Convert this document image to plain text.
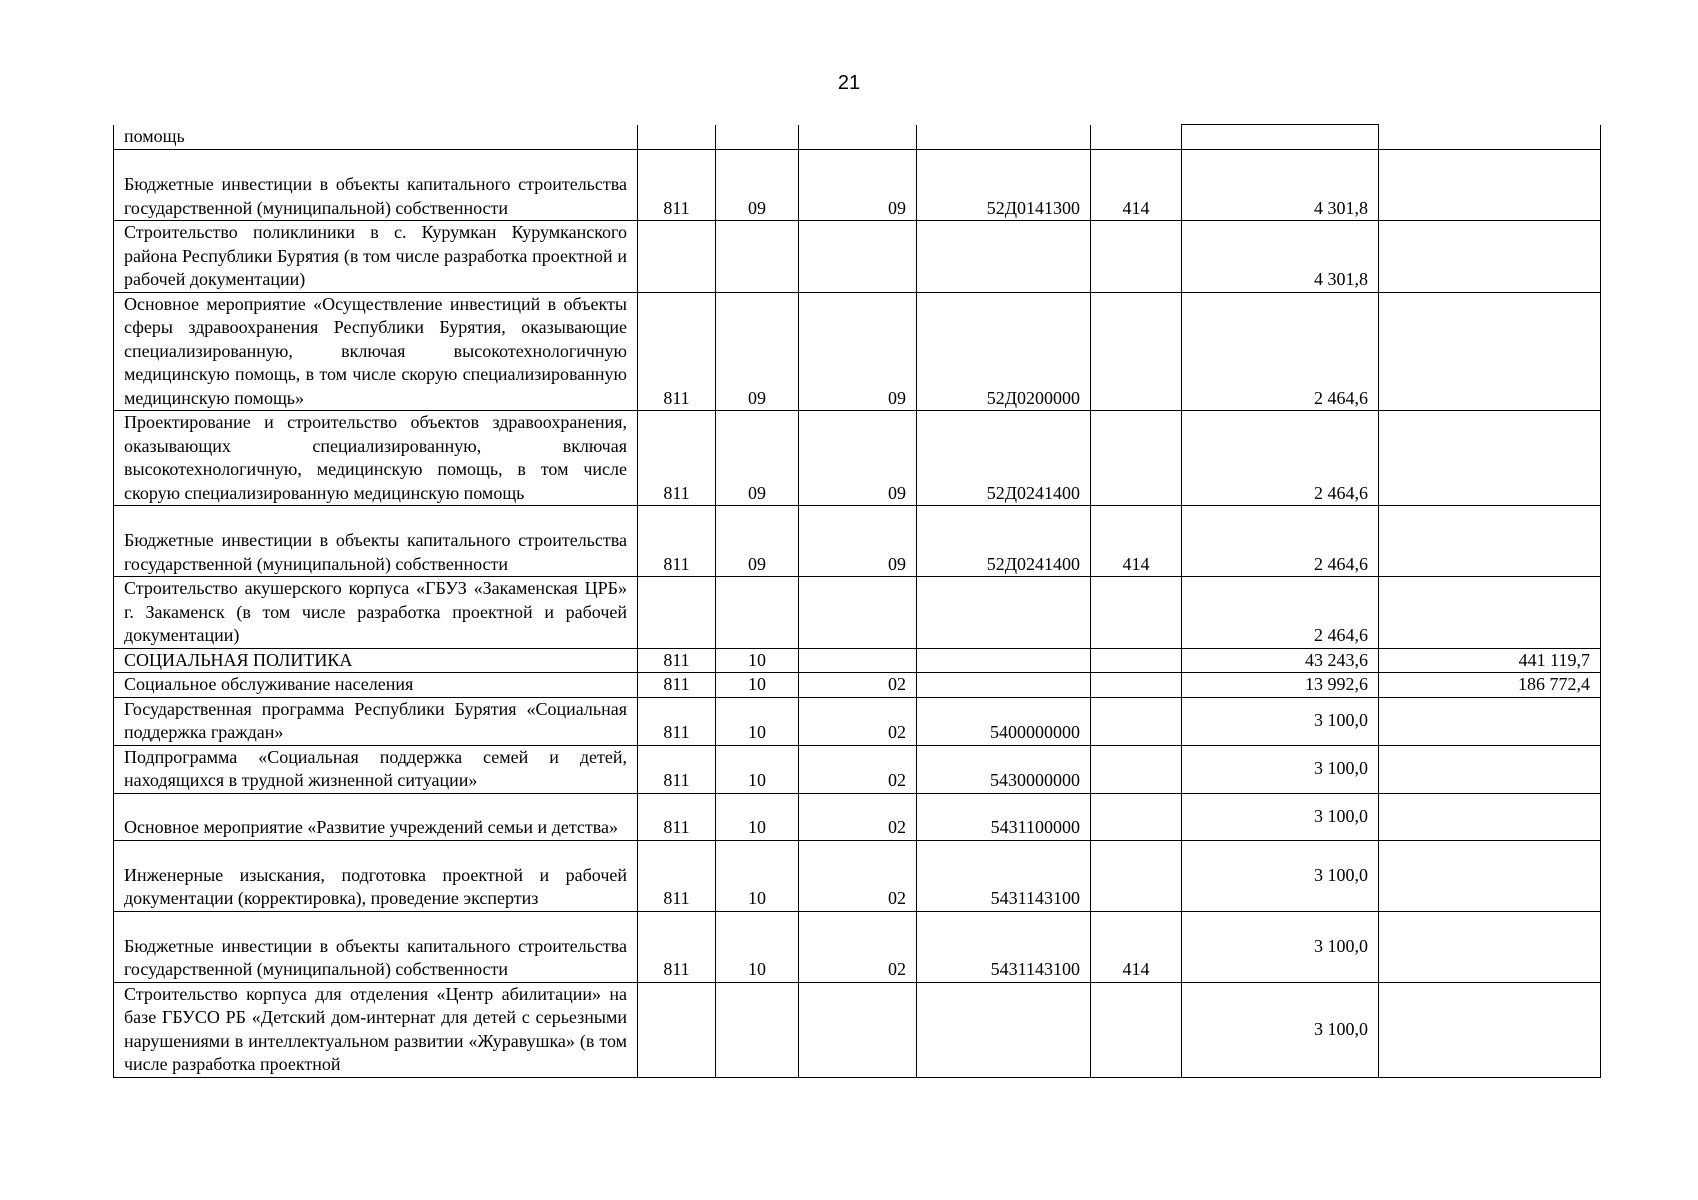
21
помощь							
Бюджетные инвестиции в объекты капитального строительства государственной (муниципальной) собственности	811	09	09	52Д0141300	414	4 301,8	
Строительство поликлиники в с. Курумкан Курумканского района Республики Бурятия (в том числе разработка проектной и рабочей документации)						4 301,8	
Основное мероприятие «Осуществление инвестиций в объекты сферы здравоохранения Республики Бурятия, оказывающие специализированную, включая высокотехнологичную медицинскую помощь, в том числе скорую специализированную медицинскую помощь»	811	09	09	52Д0200000		2 464,6	
Проектирование и строительство объектов здравоохранения, оказывающих специализированную, включая высокотехнологичную, медицинскую помощь, в том числе скорую специализированную медицинскую помощь	811	09	09	52Д0241400		2 464,6	
Бюджетные инвестиции в объекты капитального строительства государственной (муниципальной) собственности	811	09	09	52Д0241400	414	2 464,6	
Строительство акушерского корпуса «ГБУЗ «Закаменская ЦРБ» г. Закаменск (в том числе разработка проектной и рабочей документации)						2 464,6	
СОЦИАЛЬНАЯ ПОЛИТИКА	811	10				43 243,6	441 119,7
Социальное обслуживание населения	811	10	02			13 992,6	186 772,4
Государственная программа Республики Бурятия «Социальная поддержка граждан»	811	10	02	5400000000		3 100,0	
Подпрограмма «Социальная поддержка семей и детей, находящихся в трудной жизненной ситуации»	811	10	02	5430000000		3 100,0	
Основное мероприятие «Развитие учреждений семьи и детства»	811	10	02	5431100000		3 100,0	
Инженерные изыскания, подготовка проектной и рабочей документации (корректировка), проведение экспертиз	811	10	02	5431143100		3 100,0	
Бюджетные инвестиции в объекты капитального строительства государственной (муниципальной) собственности	811	10	02	5431143100	414	3 100,0	
Строительство корпуса для отделения «Центр абилитации» на базе ГБУСО РБ «Детский дом-интернат для детей с серьезными нарушениями в интеллектуальном развитии «Журавушка» (в том числе разработка проектной						3 100,0	
